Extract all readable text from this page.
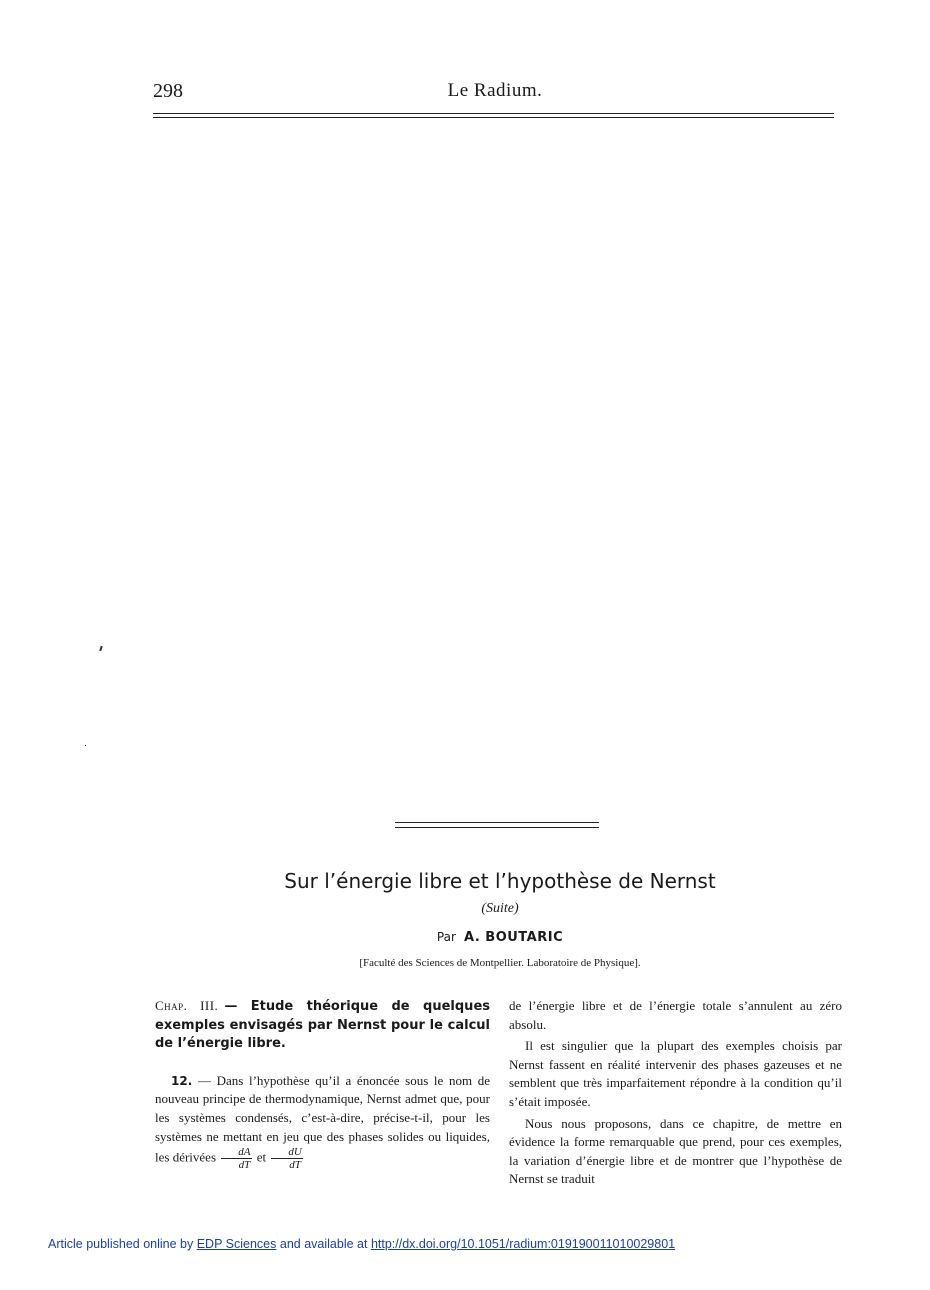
298	Le Radium.
Sur l’énergie libre et l’hypothèse de Nernst
(Suite)
Par A. BOUTARIC
[Faculté des Sciences de Montpellier. Laboratoire de Physique].
Chap. III. — Etude théorique de quelques exemples envisagés par Nernst pour le calcul de l’énergie libre.

12. — Dans l’hypothèse qu’il a énoncée sous le nom de nouveau principe de thermodynamique, Nernst admet que, pour les systèmes condensés, c’est-à-dire, précise-t-il, pour les systèmes ne mettant en jeu que des phases solides ou liquides, les dérivées $\frac{dA}{dT}$ et $\frac{dU}{dT}$

de l’énergie libre et de l’énergie totale s’annulent au zéro absolu.

Il est singulier que la plupart des exemples choisis par Nernst fassent en réalité intervenir des phases gazeuses et ne semblent que très imparfaitement répondre à la condition qu’il s’était imposée.

Nous nous proposons, dans ce chapitre, de mettre en évidence la forme remarquable que prend, pour ces exemples, la variation d’énergie libre et de montrer que l’hypothèse de Nernst se traduit

Article published online by EDP Sciences and available at http://dx.doi.org/10.1051/radium:019190011010029801
